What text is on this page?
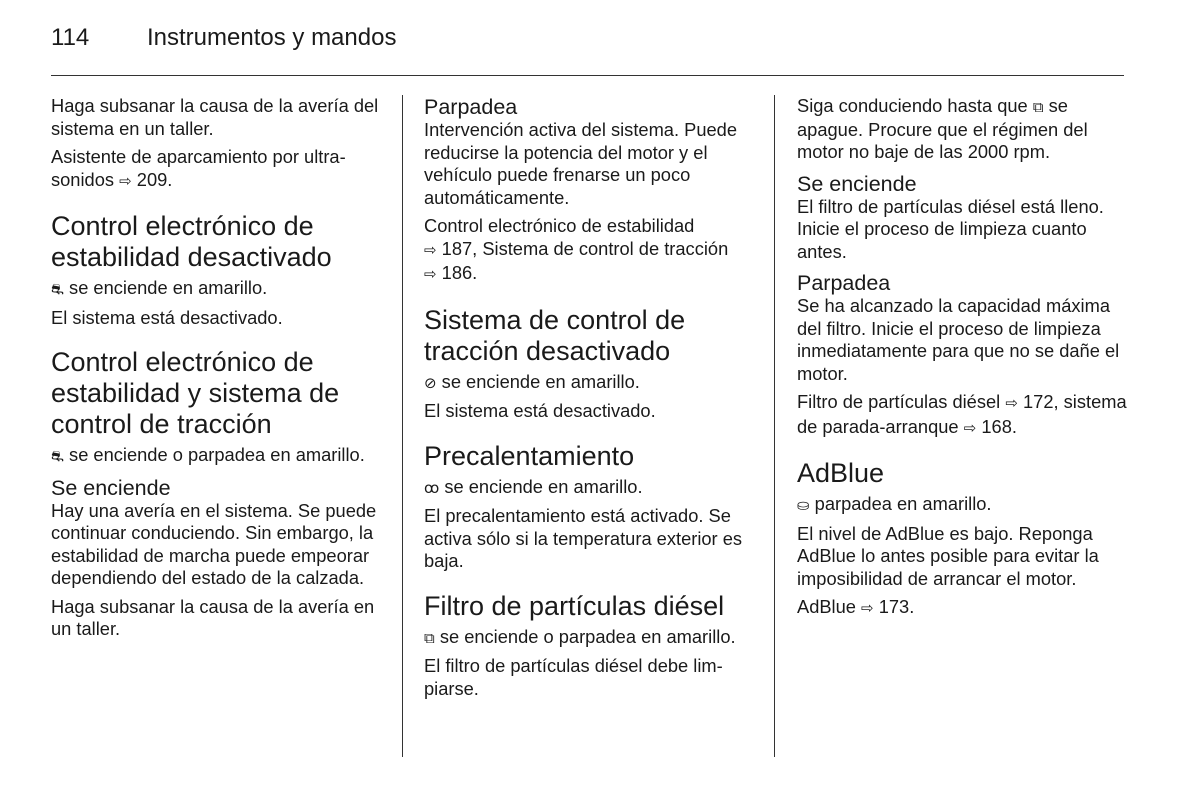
114 Instrumentos y mandos

Haga subsanar la causa de la avería del sistema en un taller.

Asistente de aparcamiento por ultrasonidos ⇨ 209.

Control electrónico de estabilidad desactivado

⛐ se enciende en amarillo.

El sistema está desactivado.

Control electrónico de estabilidad y sistema de control de tracción

⛐ se enciende o parpadea en amarillo.

Se enciende

Hay una avería en el sistema. Se puede continuar conduciendo. Sin embargo, la estabilidad de marcha puede empeorar dependiendo del estado de la calzada.

Haga subsanar la causa de la avería en un taller.

Parpadea

Intervención activa del sistema. Puede reducirse la potencia del motor y el vehículo puede frenarse un poco automáticamente.

Control electrónico de estabilidad
⇨ 187, Sistema de control de tracción
⇨ 186.

Sistema de control de tracción desactivado

⊘ se enciende en amarillo.

El sistema está desactivado.

Precalentamiento

ꝏ se enciende en amarillo.

El precalentamiento está activado. Se activa sólo si la temperatura exterior es baja.

Filtro de partículas diésel

⧉ se enciende o parpadea en amarillo.

El filtro de partículas diésel debe limpiarse.

Siga conduciendo hasta que ⧉ se apague. Procure que el régimen del motor no baje de las 2000 rpm.

Se enciende

El filtro de partículas diésel está lleno. Inicie el proceso de limpieza cuanto antes.

Parpadea

Se ha alcanzado la capacidad máxima del filtro. Inicie el proceso de limpieza inmediatamente para que no se dañe el motor.

Filtro de partículas diésel ⇨ 172, sistema de parada-arranque ⇨ 168.

AdBlue

⛀ parpadea en amarillo.

El nivel de AdBlue es bajo. Reponga AdBlue lo antes posible para evitar la imposibilidad de arrancar el motor.

AdBlue ⇨ 173.
